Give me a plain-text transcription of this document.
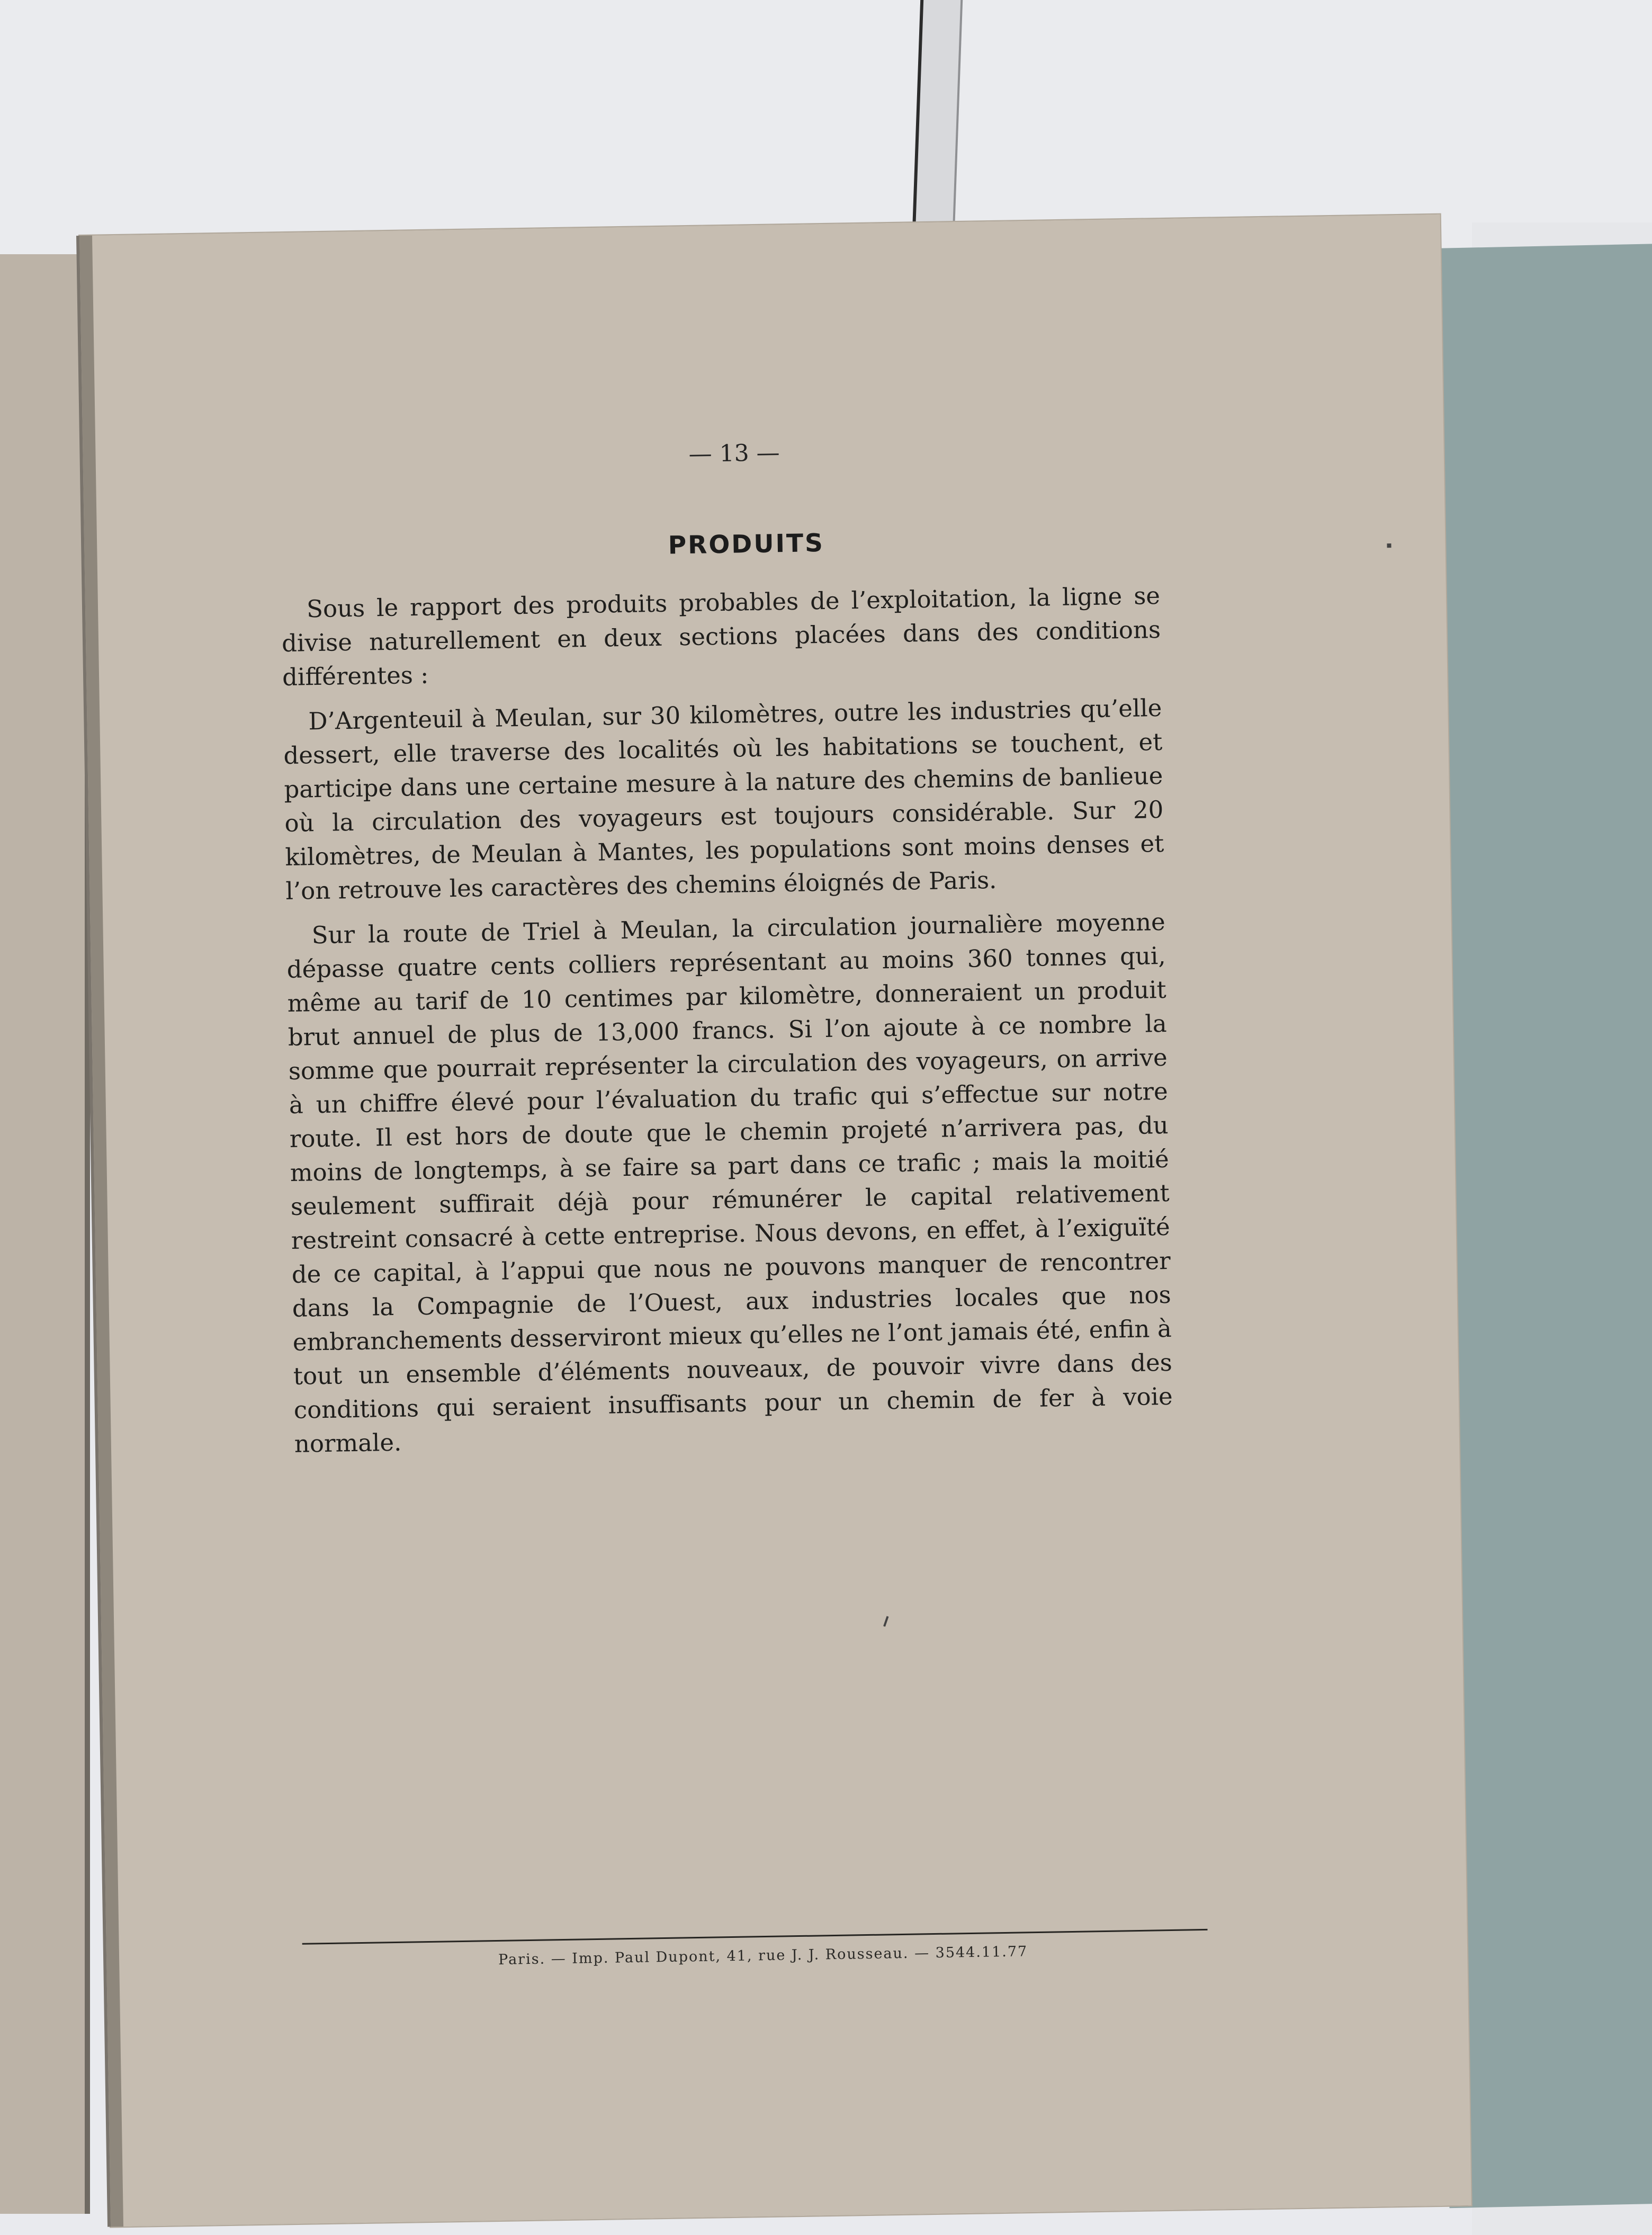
— 13 —
PRODUITS

Sous le rapport des produits probables de l’exploitation, la ligne se divise naturellement en deux sections placées dans des conditions différentes :

D’Argenteuil à Meulan, sur 30 kilomètres, outre les industries qu’elle dessert, elle traverse des localités où les habitations se touchent, et participe dans une certaine mesure à la nature des chemins de banlieue où la circulation des voyageurs est toujours considérable. Sur 20 kilomètres, de Meulan à Mantes, les populations sont moins denses et l’on retrouve les caractères des chemins éloignés de Paris.

Sur la route de Triel à Meulan, la circulation journalière moyenne dépasse quatre cents colliers représentant au moins 360 tonnes qui, même au tarif de 10 centimes par kilomètre, donneraient un produit brut annuel de plus de 13,000 francs. Si l’on ajoute à ce nombre la somme que pourrait représenter la circulation des voyageurs, on arrive à un chiffre élevé pour l’évaluation du trafic qui s’effectue sur notre route. Il est hors de doute que le chemin projeté n’arrivera pas, du moins de longtemps, à se faire sa part dans ce trafic ; mais la moitié seulement suffirait déjà pour rémunérer le capital relativement restreint consacré à cette entreprise. Nous devons, en effet, à l’exiguïté de ce capital, à l’appui que nous ne pouvons manquer de rencontrer dans la Compagnie de l’Ouest, aux industries locales que nos embranchements desserviront mieux qu’elles ne l’ont jamais été, enfin à tout un ensemble d’éléments nouveaux, de pouvoir vivre dans des conditions qui seraient insuffisants pour un chemin de fer à voie normale.

Paris. — Imp. Paul Dupont, 41, rue J. J. Rousseau. — 3544.11.77
